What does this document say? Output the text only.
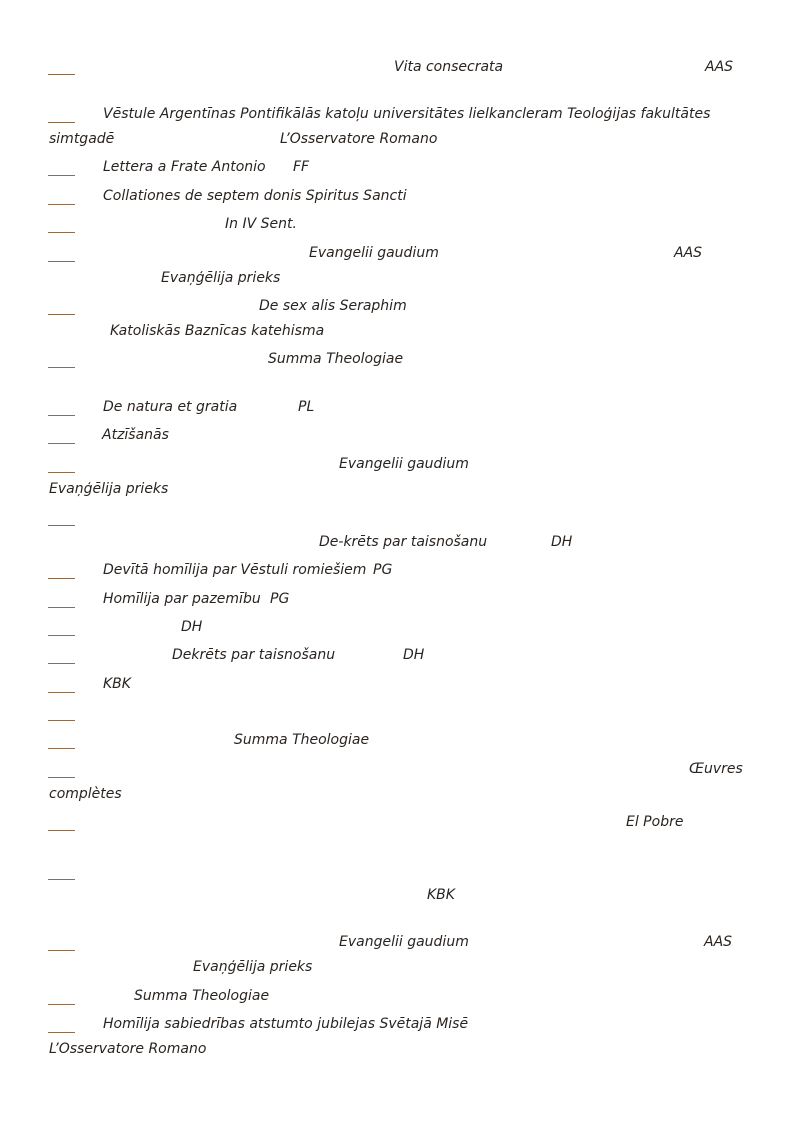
Vita consecrata	AAS
Vēstule Argentīnas Pontifikālās katoļu universitātes lielkancleram Teoloģijas fakultātes
simtgadē	L’Osservatore Romano
Lettera a Frate Antonio FF
Collationes de septem donis Spiritus Sancti
In IV Sent.
Evangelii gaudium	AAS
Evaņģēlija prieks
De sex alis Seraphim
Katoliskās Baznīcas katehisma
Summa Theologiae
De natura et gratia	PL
Atzīšanās
Evangelii gaudium
Evaņģēlija prieks
De-krēts par taisnošanu	DH
Devītā homīlija par Vēstuli romiešiem PG
Homīlija par pazemību PG
DH
Dekrēts par taisnošanu	DH
KBK
Summa Theologiae
Œuvres
complètes
El Pobre
KBK
Evangelii gaudium	AAS
Evaņģēlija prieks
Summa Theologiae
Homīlija sabiedrības atstumto jubilejas Svētajā Misē
L’Osservatore Romano
